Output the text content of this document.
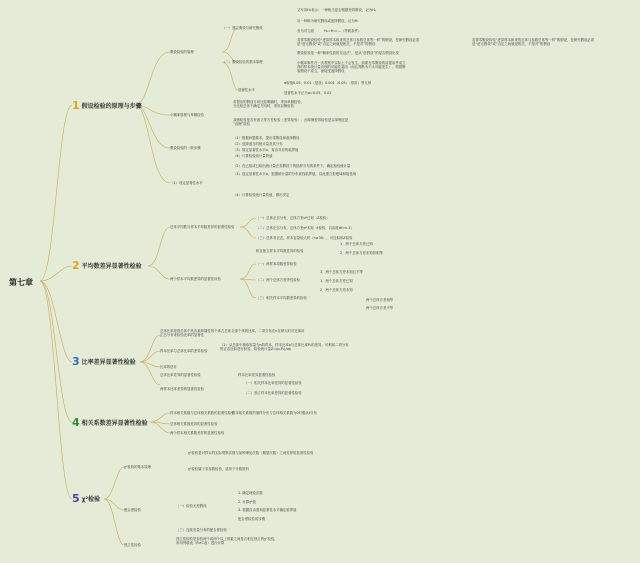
第七章
1 假设检验的原理与步骤
2 平均数差异显著性检验
3 比率差异显著性检验
4 相关系数差异显著性检验
5 χ²检验
假设检验的原理
（一）建立假设与研究假设
又写用H₀表示：一种相当是否根据差异假设，记为H₀
另一种称为研究假设或备择假设，记为H₁
至为对立面　　　H₀=H₁=…（等候条件）
若将零假设检验“虚拟样本和来的总体与参数总体等一样”的假设，是研究假设必须
是“虚无假设”或“否定之间就是相关，不是对”的假设
假设检验是一种“概率性质的反证法”，是从“虚假设”的是否假设出发
若将零假设检验“虚拟样本和来的总体与参数总体等一样”的假设，是研究假设必须
是“虚无假设”或“否定之间就是相关，不是对”的假设
（二）假设检验的基本原理	小概率事件在一次观察中实际上不会发生。如果在零假设的前提条件成立
得的样本统计量出现的可能性超出（而且判断为不太可能发生），则推断
原假设不成立，而接受备择假设
显著性水平
α取值0.05、0.01（是设）0.001（0.05）（常用）等几种
显著性水平记为α=0.05、0.01
小概率原理与单侧检验
若提出的假设方向比较明确时，采用单侧检验，
当比较总体不确定方向时，采用双侧检验
双侧检验是否有意义等方差检验（差异检验），而单侧差异检验是以单侧还是
“双侧”检验
假设检验的一般步骤
（1）根据问题要求，提出零假设和备择假设
（2）选择适当的统计量及其分布
（3）规定显著性水平α，查出对应的临界值
（4）计算检验统计量的值
（1）设定显著性水平
（2）在已知或已给出统计量在零假设下的抽样分布的条件下，确定检验统计量
（3）选定显著性水平α，根据统计量的分布查找临界值，以此建立拒绝域和接受域
（4）计算检验统计量的值，做出决定
总体平均数与样本平均数差异的显著性检验
（一）总体正态分布，总体方差σ²已知（Z检验）
（二）总体正态分布，总体方差σ²未知（t检验，自由度df=n-1）
（三）总体非正态，样本容量较大时（n≥30），可近似用Z检验
两个样本平均数差异的显著性检验
相互独立样本平均数差异的检验
（一）两样本均数差异检验
（二）两个总体方差齐性检验
（三）相关样本平均数差异的检验
1．两个总体方差已知
2．两个总体方差未知但相等
3．两个总体方差未知且不等
1．两个总体方差已知
2．两个总体方差未知
两个总体方差相等
两个总体方差不等
总体比率是指总体中具有某种属性的个体占总体全部个体的比率。二项分布在n足够大时可近似用
正态分布来检验比率的显著性
样本比率与总体比率的差异检验
（1）从总体中抽取容量为n的样本，样本比率p与总体比率P₀的差异，可利用二项分布
的正态近似进行检验，检验统计量Z=(p-P₀)/σp
比率的估计
总体比率差异的显著性检验	样本比率差异显著性检验
两样本比率差异的显著性检验
（一）相关样本比率差异的显著性检验
（二）独立样本比率差异的显著性检验
样本相关系数与总体相关系数的显著性检验
样本相关系数的抽样分布与总体相关系数为0时服从t分布
总体相关系数差异的显著性检验
两个样本相关系数差异的显著性检验
χ²检验的基本原理
χ²检验是对样本的实际观察次数与某种理论次数（期望次数）之间差异的显著性检验
χ²检验属于非参数检验，适用于计数资料
配合度检验
（一）检验无差假设
（三）连续变量分布的配合度检验
1. 确定理论次数
2. 计算χ²值
3. 根据自由度和显著性水平确定临界值
配合度检验的步骤
独立性检验
独立性检验是检验两个或两个以上因素之间是否相互独立的χ²检验，
常用列联表（R×C表）进行计算
